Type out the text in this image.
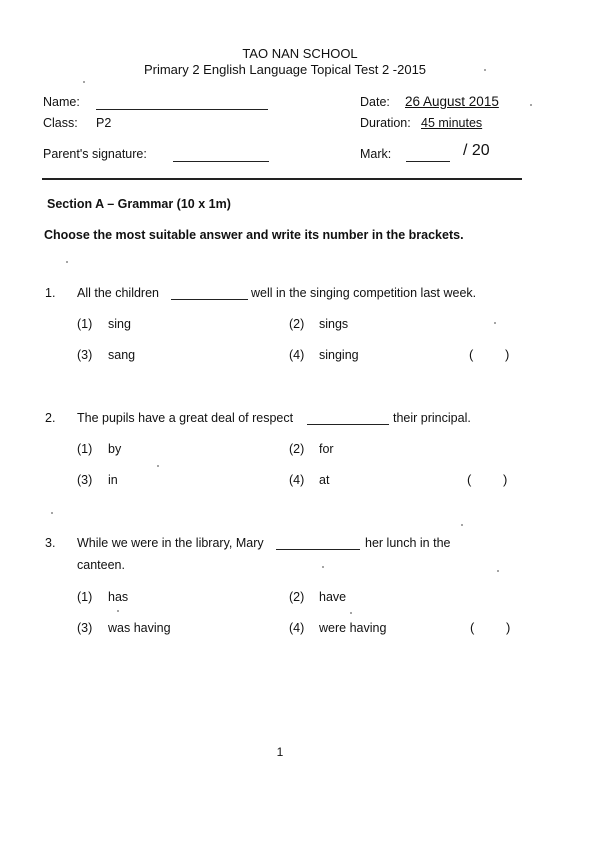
TAO NAN SCHOOL
Primary 2 English Language Topical Test 2 -2015
Name:
Class: P2
Parent's signature:
Date: 26 August 2015
Duration: 45 minutes
Mark:	/ 20
Section A – Grammar (10 x 1m)
Choose the most suitable answer and write its number in the brackets.
1. All the children	well in the singing competition last week.
(1) sing	(2) sings
(3) sang	(4) singing	( )
2. The pupils have a great deal of respect	their principal.
(1) by	(2) for
(3) in	(4) at	( )
3. While we were in the library, Mary	her lunch in the
canteen.
(1) has	(2) have
(3) was having	(4) were having	( )
1
